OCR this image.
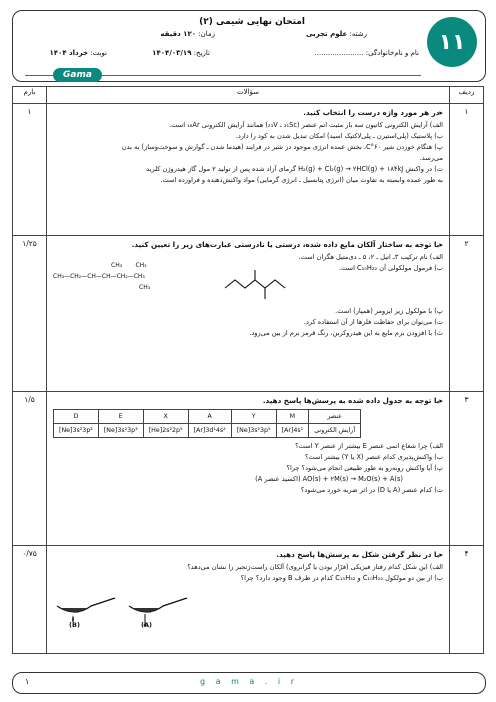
۱۱
امتحان نهایی شیمی (۲)
زمان: ۱۲۰ دقیقه	رشته: علوم تجربی
نام و نام‌خانوادگی: ......................
تاریخ: ۱۴۰۴/۰۳/۱۹
نوبت: خرداد ۱۴۰۴
Gama
ردیف	سؤالات	بارم
۱	
▸ در هر مورد واژه درست را انتخاب کنید.
الف) آرایش الکترونی کاتیون سه بار مثبت اتم عنصر (₂₁Sc ـ ₂₃V) همانند آرایش الکترونی ₁₈Ar است.
ب) پلاستیک (پلی‌استیرن ـ پلی‌لاکتیک اسید) امکان تبدیل شدن به کود را دارد.
پ) هنگام خوردن شیر ۶۰°C، بخش عمده انرژی موجود در شیر در فرایند (هیدما شدن ـ گوارش و سوخت‌وساز) به بدن
می‌رسد.
ت) در واکنش H₂(g) + Cl₂(g) → ۲HCl(g) + ۱۸۴kJ گرمای آزاد شده پس از تولید ۲ مول گاز هیدروژن کلرید
به طور عمده وابسته به تفاوت میان (انرژی پتانسیل ـ انرژی گرمایی) مواد واکنش‌دهنده و فراورده است.
	۱
۲	
▸ با توجه به ساختار آلکان مایع داده شده، درستی یا نادرستی عبارت‌های زیر را تعیین کنید.
الف) نام ترکیب ۳ـ اتیل ـ ۲، ۵ ـ دی‌متیل هگزان است.
ب) فرمول مولکولی آن C₁₀H₂₂ است.
CH₃       CH₃
CH₃—CH₂—CH—CH—CH₂—CH₃
CH₃
پ) با مولکول زیر ایزومر (همپار) است.
ت) می‌توان برای حفاظت فلزها از آن استفاده کرد.
ث) با افزودن برم مایع به این هیدروکربن، رنگ قرمز برم از بین می‌رود.
	۱/۲۵
۳	
▸ با توجه به جدول داده شده به پرسش‌ها پاسخ دهید.
D	E	X	A	Y	M	عنصر
[Ne]3s²3p²	[Ne]3s²3p³	[He]2s²2p⁵	[Ar]3d¹4s²	[Ne]3s²3p⁵	[Ar]4s¹	آرایش الکترونی
الف) چرا شعاع اتمی عنصر E بیشتر از عنصر Y است؟
ب) واکنش‌پذیری کدام عنصر (X یا Y) بیشتر است؟
پ) آیا واکنش روبه‌رو به طور طبیعی انجام می‌شود؟ چرا؟
AO(s) + ۲M(s) → M₂O(s) + A(s) (اکسید عنصر A)
ت) کدام عنصر (A یا D) در اثر ضربه خورد می‌شود؟
	۱/۵
۴	
▸ با در نظر گرفتن شکل به پرسش‌ها پاسخ دهید.
الف) این شکل کدام رفتار فیزیکی (فرّار بودن یا گرانروی) آلکان راست‌زنجیر را نشان می‌دهد؟
ب) از بین دو مولکول C₁₀H₂₂ و C₁₅H₃₂ کدام در ظرف B وجود دارد؟ چرا؟
(B)	(A)
	۰/۷۵
g a m a . i r
۱
